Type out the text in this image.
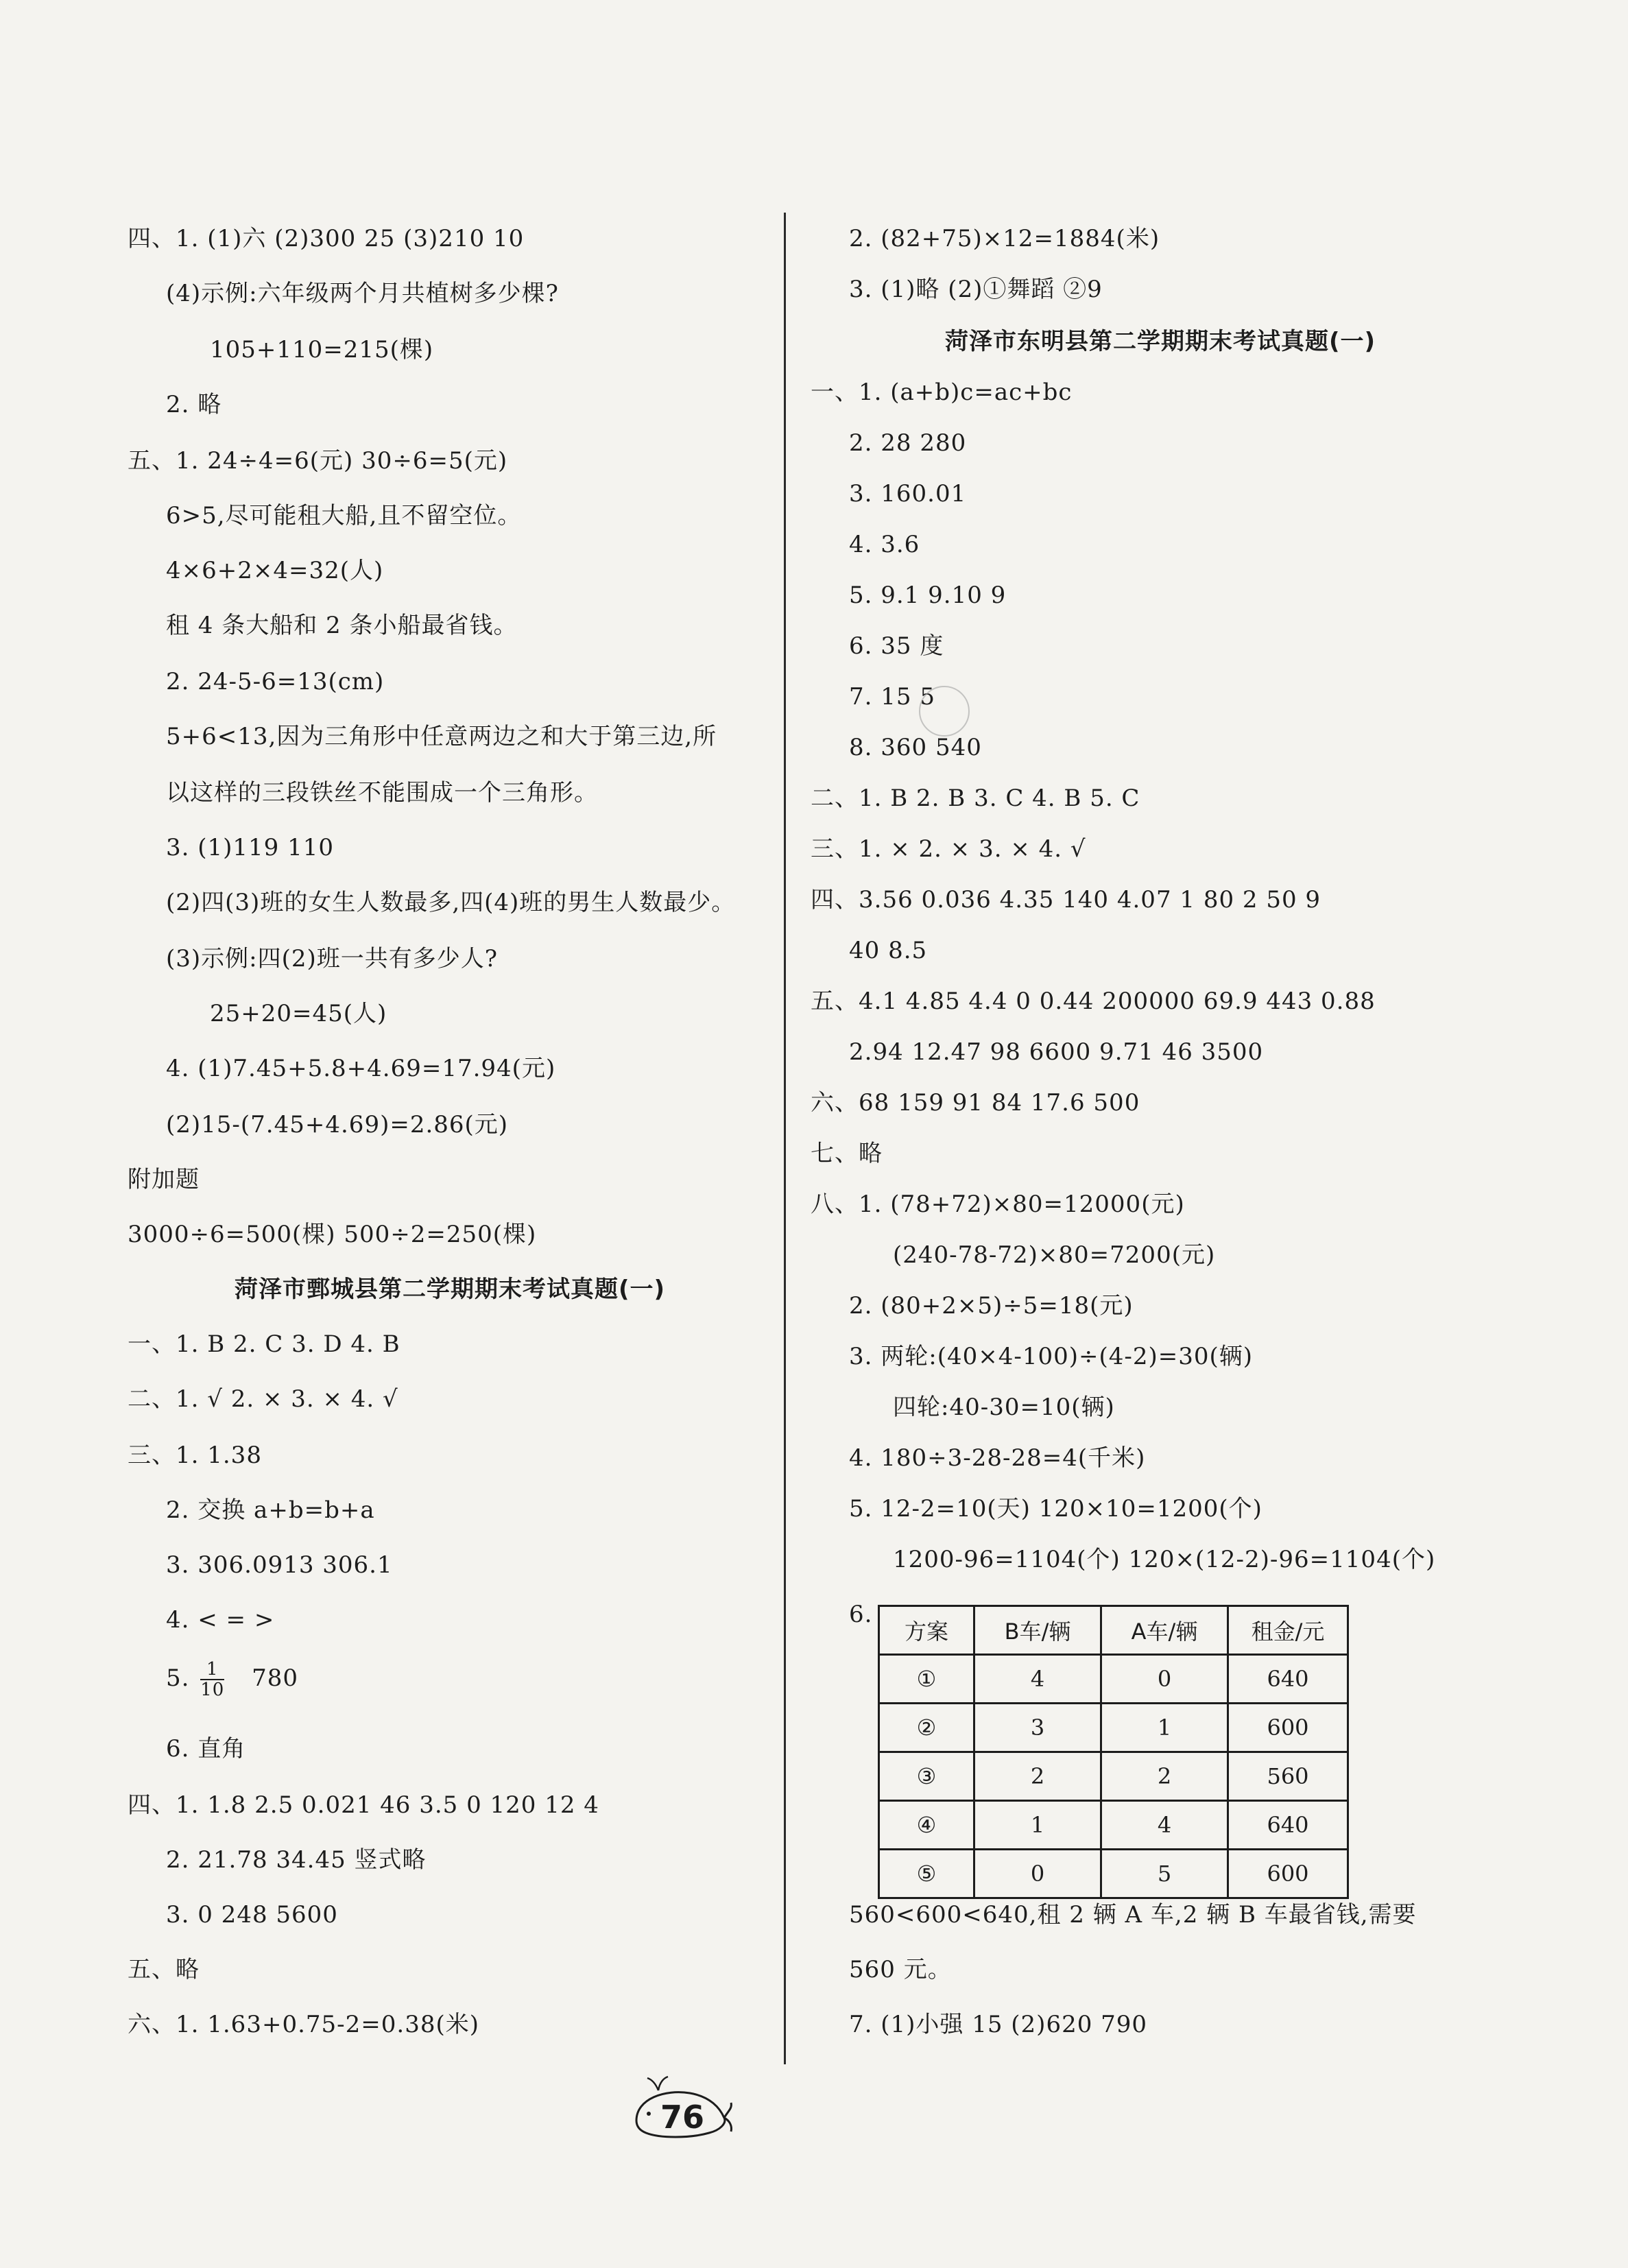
四、1. (1)六 (2)300 25 (3)210 10
(4)示例:六年级两个月共植树多少棵?
105+110=215(棵)
2. 略
五、1. 24÷4=6(元) 30÷6=5(元)
6>5,尽可能租大船,且不留空位。
4×6+2×4=32(人)
租 4 条大船和 2 条小船最省钱。
2. 24-5-6=13(cm)
5+6<13,因为三角形中任意两边之和大于第三边,所
以这样的三段铁丝不能围成一个三角形。
3. (1)119 110
(2)四(3)班的女生人数最多,四(4)班的男生人数最少。
(3)示例:四(2)班一共有多少人?
25+20=45(人)
4. (1)7.45+5.8+4.69=17.94(元)
(2)15-(7.45+4.69)=2.86(元)
附加题
3000÷6=500(棵) 500÷2=250(棵)
菏泽市鄄城县第二学期期末考试真题(一)
一、1. B 2. C 3. D 4. B
二、1. √ 2. × 3. × 4. √
三、1. 1.38
2. 交换 a+b=b+a
3. 306.0913 306.1
4. < = >
5. $\frac{1}{10} 780$
6. 直角
四、1. 1.8 2.5 0.021 46 3.5 0 120 12 4
2. 21.78 34.45 竖式略
3. 0 248 5600
五、略
六、1. 1.63+0.75-2=0.38(米)
2. (82+75)×12=1884(米)
3. (1)略 (2)①舞蹈 ②9
菏泽市东明县第二学期期末考试真题(一)
一、1. (a+b)c=ac+bc
2. 28 280
3. 160.01
4. 3.6
5. 9.1 9.10 9
6. 35 度
7. 15 5
8. 360 540
二、1. B 2. B 3. C 4. B 5. C
三、1. × 2. × 3. × 4. √
四、3.56 0.036 4.35 140 4.07 1 80 2 50 9
40 8.5
五、4.1 4.85 4.4 0 0.44 200000 69.9 443 0.88
2.94 12.47 98 6600 9.71 46 3500
六、68 159 91 84 17.6 500
七、略
八、1. (78+72)×80=12000(元)
(240-78-72)×80=7200(元)
2. (80+2×5)÷5=18(元)
3. 两轮:(40×4-100)÷(4-2)=30(辆)
四轮:40-30=10(辆)
4. 180÷3-28-28=4(千米)
5. 12-2=10(天) 120×10=1200(个)
1200-96=1104(个) 120×(12-2)-96=1104(个)
6.
方案	B车/辆	A车/辆	租金/元
①	4	0	640
②	3	1	600
③	2	2	560
④	1	4	640
⑤	0	5	600
560<600<640,租 2 辆 A 车,2 辆 B 车最省钱,需要
560 元。
7. (1)小强 15 (2)620 790
76
